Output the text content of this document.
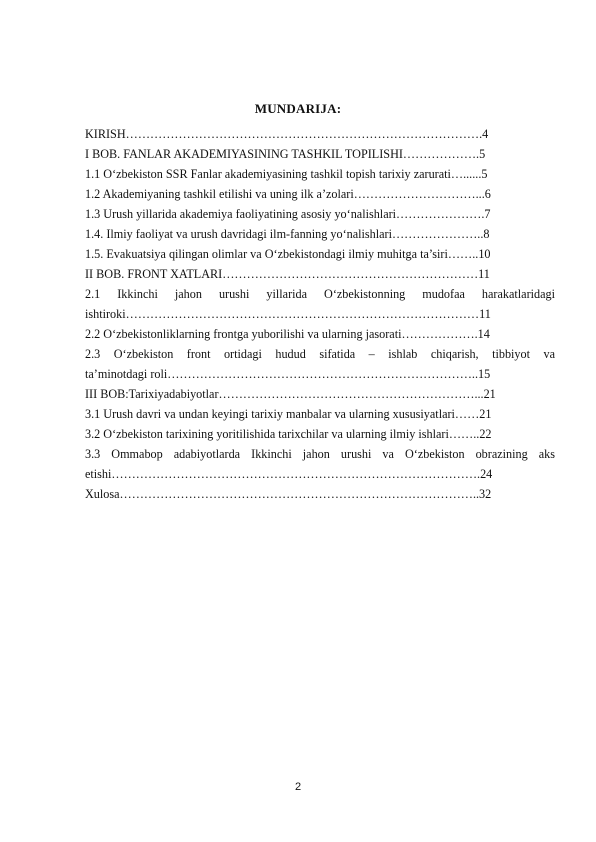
MUNDARIJA:
KIRISH…………………………………………………………………………….4
I BOB. FANLAR AKADEMIYASINING TASHKIL TOPILISHI……………….5
1.1 O‘zbekiston SSR Fanlar akademiyasining tashkil topish tarixiy zarurati…......5
1.2 Akademiyaning tashkil etilishi va uning ilk a’zolari…………………………...6
1.3 Urush yillarida akademiya faoliyatining asosiy yo‘nalishlari………………….7
1.4. Ilmiy faoliyat va urush davridagi ilm-fanning yo‘nalishlari…………………..8
1.5. Evakuatsiya qilingan olimlar va O‘zbekistondagi ilmiy muhitga ta’siri……..10
II BOB. FRONT XATLARI………………………………………………………11
2.1 Ikkinchi jahon urushi yillarida O‘zbekistonning mudofaa harakatlaridagi
ishtiroki……………………………………………………………………………11
2.2 O‘zbekistonliklarning frontga yuborilishi va ularning jasorati……………….14
2.3 O‘zbekiston front ortidagi hudud sifatida – ishlab chiqarish, tibbiyot va
ta’minotdagi roli…………………………………………………………………..15
III BOB:Tarixiyadabiyotlar………………………………………………………...21
3.1 Urush davri va undan keyingi tarixiy manbalar va ularning xususiyatlari……21
3.2 O‘zbekiston tarixining yoritilishida tarixchilar va ularning ilmiy ishlari……..22
3.3 Ommabop adabiyotlarda Ikkinchi jahon urushi va O‘zbekiston obrazining aks
etishi……………………………………………………………………………….24
Xulosa……………………………………………………………………………..32
2
